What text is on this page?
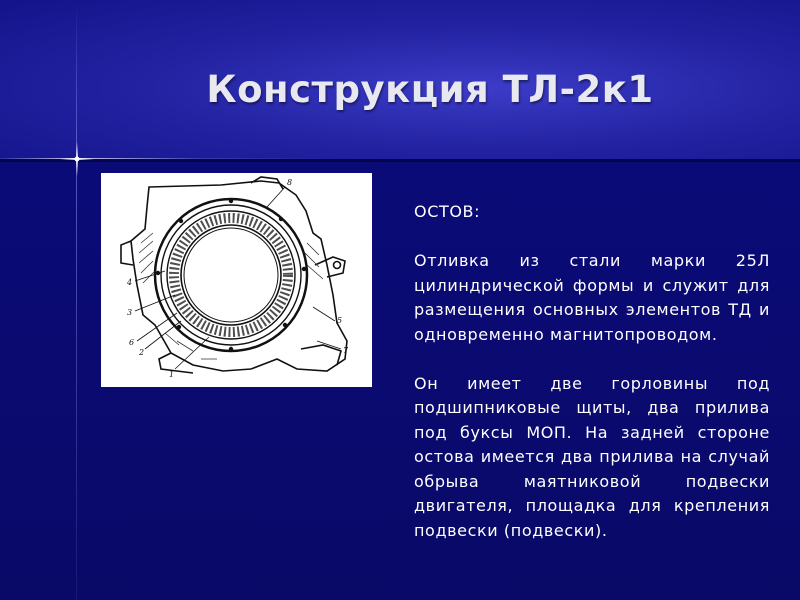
Конструкция ТЛ-2к1
8
4
3
6
2
1
5
7

ОСТОВ:

Отливка из стали марки 25Л цилиндрической формы и служит для размещения основных элементов ТД и одновременно магнитопроводом.

Он имеет две горловины под подшипниковые щиты, два прилива под буксы МОП. На задней стороне остова имеется два прилива на случай обрыва маятниковой подвески двигателя, площадка для крепления подвески (подвески).
